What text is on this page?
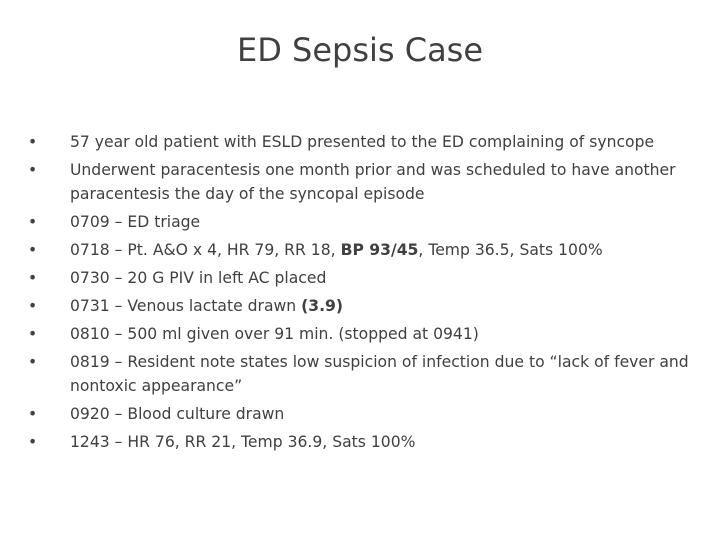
ED Sepsis Case
•	57 year old patient with ESLD presented to the ED complaining of syncope
•	Underwent paracentesis one month prior and was scheduled to have another paracentesis the day of the syncopal episode
•	0709 – ED triage
•	0718 – Pt. A&O x 4, HR 79, RR 18, BP 93/45, Temp 36.5, Sats 100%
•	0730 – 20 G PIV in left AC placed
•	0731 – Venous lactate drawn (3.9)
•	0810 – 500 ml given over 91 min. (stopped at 0941)
•	0819 – Resident note states low suspicion of infection due to “lack of fever and nontoxic appearance”
•	0920 – Blood culture drawn
•	1243 – HR 76, RR 21, Temp 36.9, Sats 100%
